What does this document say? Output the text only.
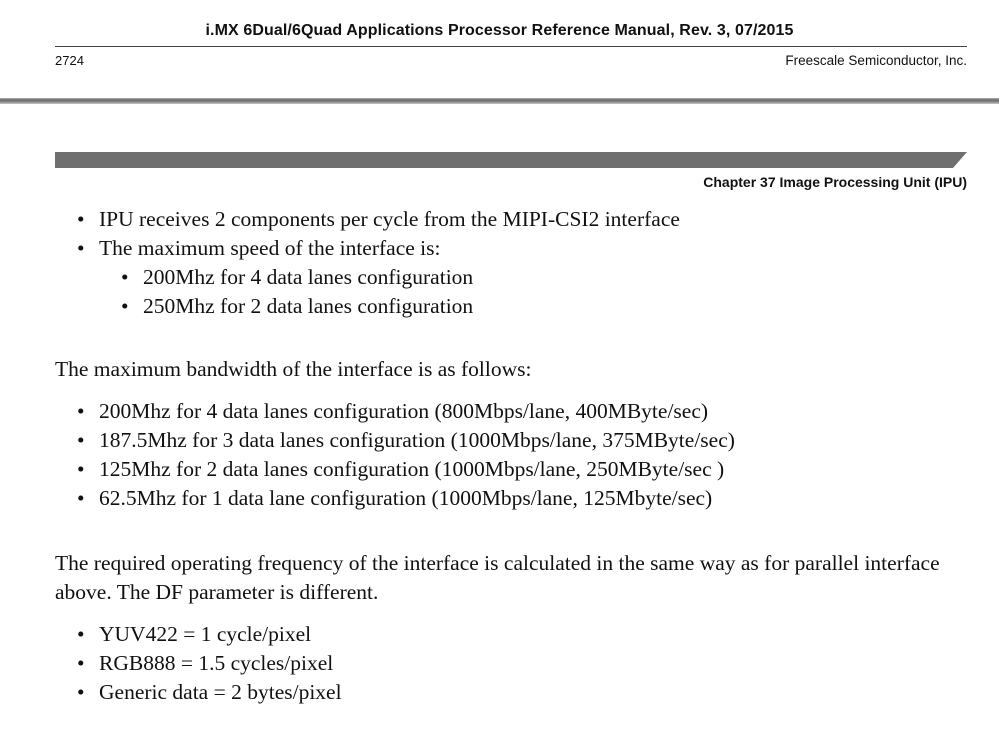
i.MX 6Dual/6Quad Applications Processor Reference Manual, Rev. 3, 07/2015
2724	Freescale Semiconductor, Inc.
Chapter 37 Image Processing Unit (IPU)
• IPU receives 2 components per cycle from the MIPI-CSI2 interface
• The maximum speed of the interface is:
• 200Mhz for 4 data lanes configuration
• 250Mhz for 2 data lanes configuration

The maximum bandwidth of the interface is as follows:

• 200Mhz for 4 data lanes configuration (800Mbps/lane, 400MByte/sec)
• 187.5Mhz for 3 data lanes configuration (1000Mbps/lane, 375MByte/sec)
• 125Mhz for 2 data lanes configuration (1000Mbps/lane, 250MByte/sec )
• 62.5Mhz for 1 data lane configuration (1000Mbps/lane, 125Mbyte/sec)

The required operating frequency of the interface is calculated in the same way as for parallel interface above. The DF parameter is different.

• YUV422 = 1 cycle/pixel
• RGB888 = 1.5 cycles/pixel
• Generic data = 2 bytes/pixel
